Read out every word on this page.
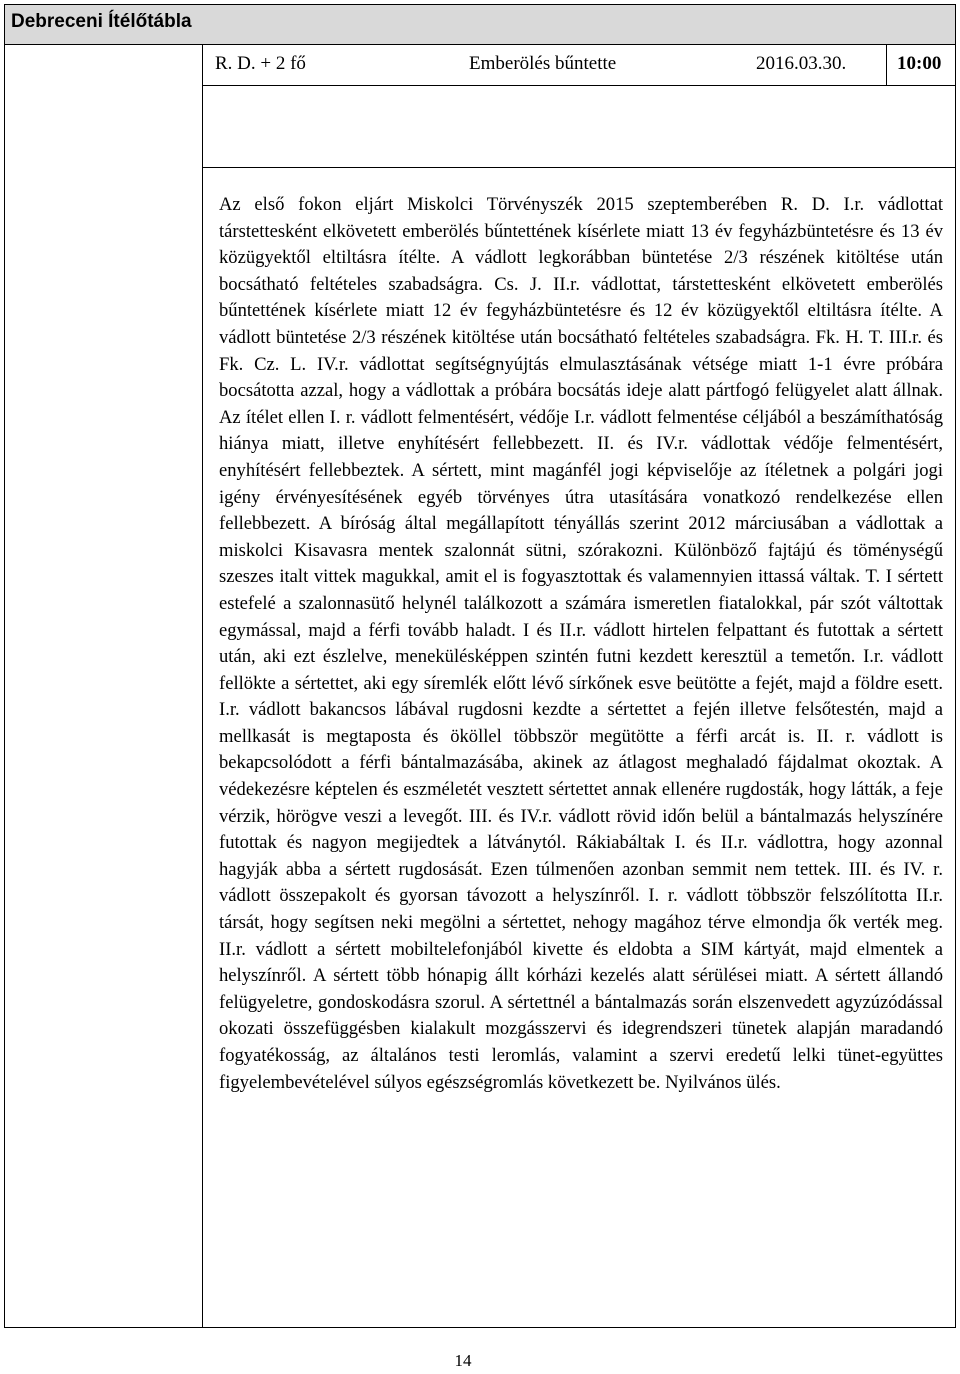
Debreceni Ítélőtábla
R. D. + 2 fő	Emberölés bűntette	2016.03.30.	10:00

Az első fokon eljárt Miskolci Törvényszék 2015 szeptemberében R. D. I.r. vádlottat társtettesként elkövetett emberölés bűntettének kísérlete miatt 13 év fegyházbüntetésre és 13 év közügyektől eltiltásra ítélte. A vádlott legkorábban büntetése 2/3 részének kitöltése után bocsátható feltételes szabadságra. Cs. J. II.r. vádlottat, társtettesként elkövetett emberölés bűntettének kísérlete miatt 12 év fegyházbüntetésre és 12 év közügyektől eltiltásra ítélte. A vádlott büntetése 2/3 részének kitöltése után bocsátható feltételes szabadságra. Fk. H. T. III.r. és Fk. Cz. L. IV.r. vádlottat segítségnyújtás elmulasztásának vétsége miatt 1-1 évre próbára bocsátotta azzal, hogy a vádlottak a próbára bocsátás ideje alatt pártfogó felügyelet alatt állnak. Az ítélet ellen I. r. vádlott felmentésért, védője I.r. vádlott felmentése céljából a beszámíthatóság hiánya miatt, illetve enyhítésért fellebbezett. II. és IV.r. vádlottak védője felmentésért, enyhítésért fellebbeztek. A sértett, mint magánfél jogi képviselője az ítéletnek a polgári jogi igény érvényesítésének egyéb törvényes útra utasítására vonatkozó rendelkezése ellen fellebbezett. A bíróság által megállapított tényállás szerint 2012 márciusában a vádlottak a miskolci Kisavasra mentek szalonnát sütni, szórakozni. Különböző fajtájú és töménységű szeszes italt vittek magukkal, amit el is fogyasztottak és valamennyien ittassá váltak. T. I sértett estefelé a szalonnasütő helynél találkozott a számára ismeretlen fiatalokkal, pár szót váltottak egymással, majd a férfi tovább haladt. I és II.r. vádlott hirtelen felpattant és futottak a sértett után, aki ezt észlelve, menekülésképpen szintén futni kezdett keresztül a temetőn. I.r. vádlott fellökte a sértettet, aki egy síremlék előtt lévő sírkőnek esve beütötte a fejét, majd a földre esett. I.r. vádlott bakancsos lábával rugdosni kezdte a sértettet a fején illetve felsőtestén, majd a mellkasát is megtaposta és ököllel többször megütötte a férfi arcát is. II. r. vádlott is bekapcsolódott a férfi bántalmazásába, akinek az átlagost meghaladó fájdalmat okoztak. A védekezésre képtelen és eszméletét vesztett sértettet annak ellenére rugdosták, hogy látták, a feje vérzik, hörögve veszi a levegőt. III. és IV.r. vádlott rövid időn belül a bántalmazás helyszínére futottak és nagyon megijedtek a látványtól. Rákiabáltak I. és II.r. vádlottra, hogy azonnal hagyják abba a sértett rugdosását. Ezen túlmenően azonban semmit nem tettek. III. és IV. r. vádlott összepakolt és gyorsan távozott a helyszínről. I. r. vádlott többször felszólította II.r. társát, hogy segítsen neki megölni a sértettet, nehogy magához térve elmondja ők verték meg. II.r. vádlott a sértett mobiltelefonjából kivette és eldobta a SIM kártyát, majd elmentek a helyszínről. A sértett több hónapig állt kórházi kezelés alatt sérülései miatt. A sértett állandó felügyeletre, gondoskodásra szorul. A sértettnél a bántalmazás során elszenvedett agyzúzódással okozati összefüggésben kialakult mozgásszervi és idegrendszeri tünetek alapján maradandó fogyatékosság, az általános testi leromlás, valamint a szervi eredetű lelki tünet-együttes figyelembevételével súlyos egészségromlás következett be. Nyilvános ülés.

14
